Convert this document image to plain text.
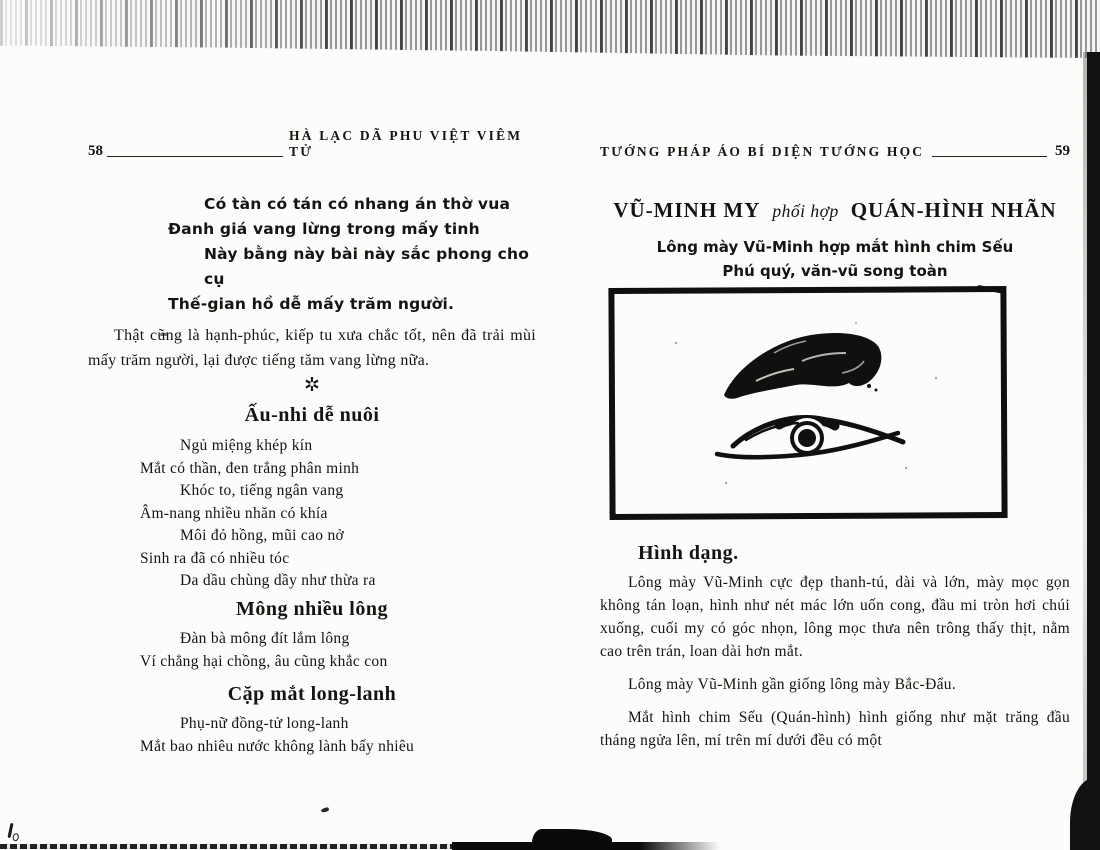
58
HÀ LẠC DÃ PHU VIỆT VIÊM TỬ
Có tàn có tán có nhang án thờ vua
Đanh giá vang lừng trong mấy tinh
Này bằng này bài này sắc phong cho cụ
Thế-gian hồ dễ mấy trăm người.

Thật cũng là hạnh-phúc, kiếp tu xưa chắc tốt, nên đã trải mùi mấy trăm người, lại được tiếng tăm vang lừng nữa.

✲
Ấu-nhi dễ nuôi
Ngủ miệng khép kín
Mắt có thần, đen trắng phân minh
Khóc to, tiếng ngân vang
Âm-nang nhiều nhăn có khía
Môi đỏ hồng, mũi cao nở
Sinh ra đã có nhiều tóc
Da dầu chùng dầy như thừa ra
Mông nhiều lông
Đàn bà mông đít lắm lông
Ví chẳng hại chồng, âu cũng khắc con
Cặp mắt long-lanh
Phụ-nữ đồng-tử long-lanh
Mắt bao nhiêu nước không lành bấy nhiêu
TƯỚNG PHÁP ÁO BÍ DIỆN TƯỚNG HỌC	59
VŨ-MINH MY phối hợp QUÁN-HÌNH NHÃN
Lông mày Vũ-Minh hợp mắt hình chim Sếu
Phú quý, văn-vũ song toàn
Hình dạng.

Lông mày Vũ-Minh cực đẹp thanh-tú, dài và lớn, mày mọc gọn không tán loạn, hình như nét mác lớn uốn cong, đầu mi tròn hơi chúi xuống, cuối my có góc nhọn, lông mọc thưa nên trông thấy thịt, nằm cao trên trán, loan dài hơn mắt.

Lông mày Vũ-Minh gần giống lông mày Bắc-Đẩu.

Mắt hình chim Sếu (Quán-hình) hình giống như mặt trăng đầu tháng ngửa lên, mí trên mí dưới đều có một
